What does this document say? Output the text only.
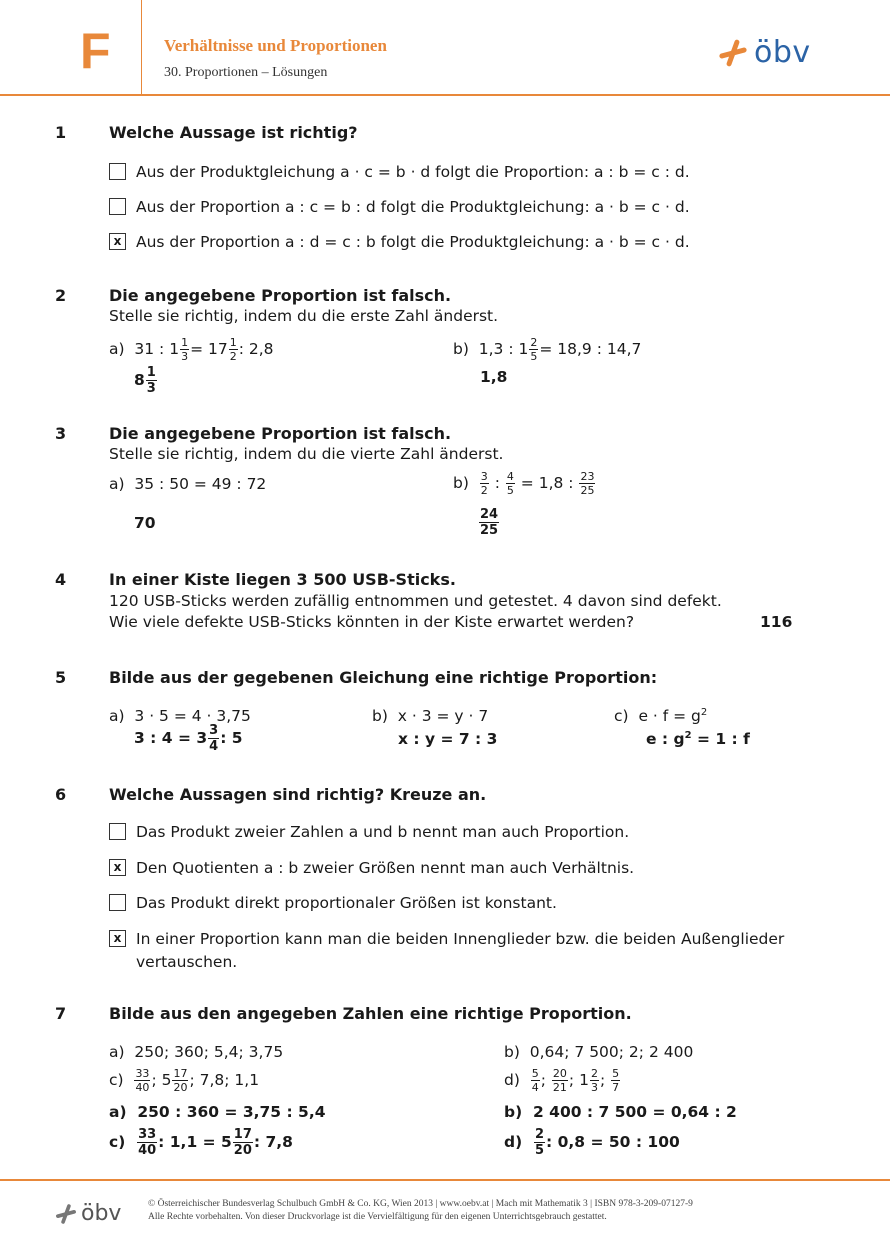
F	Verhältnisse und Proportionen
30. Proportionen – Lösungen
öbv
1	Welche Aussage ist richtig?
Aus der Produktgleichung a · c = b · d folgt die Proportion: a : b = c : d.
Aus der Proportion a : c = b : d folgt die Produktgleichung: a · b = c · d.
x Aus der Proportion a : d = c : b folgt die Produktgleichung: a · b = c · d.
2	Die angegebene Proportion ist falsch.
Stelle sie richtig, indem du die erste Zahl änderst.
a) 31 : $1 \frac{1}{3} = 17 \frac{1}{2}$ : 2,8
$8 \frac{1}{3}$
b) 1,3 : $1 \frac{2}{5} = 18,9$ : 14,7
1,8
3	Die angegebene Proportion ist falsch.
Stelle sie richtig, indem du die vierte Zahl änderst.
a) 35 : 50 = 49 : 72
70
$b) \frac{3}{2}$ : $\frac{4}{5} = 1,8$ : $\frac{23}{25}$
$\frac{24}{25}$
4	In einer Kiste liegen 3 500 USB-Sticks.
120 USB-Sticks werden zufällig entnommen und getestet. 4 davon sind defekt.
Wie viele defekte USB-Sticks könnten in der Kiste erwartet werden?	116
5	Bilde aus der gegebenen Gleichung eine richtige Proportion:
a) 3 · 5 = 4 · 3,75
3 : $4 = 3 \frac{3}{4}$ : 5
b) x · 3 = y · 7
x : y = 7 : 3
c) $e \cdot f = g^2$
e : $g^2 = 1$ : f
6	Welche Aussagen sind richtig? Kreuze an.
Das Produkt zweier Zahlen a und b nennt man auch Proportion.
x Den Quotienten a : b zweier Größen nennt man auch Verhältnis.
Das Produkt direkt proportionaler Größen ist konstant.
x In einer Proportion kann man die beiden Innenglieder bzw. die beiden Außenglieder
vertauschen.
7	Bilde aus den angegeben Zahlen eine richtige Proportion.
a) 250; 360; 5,4; 3,75	b) 0,64; 7 500; 2; 2 400
$c) \frac{33}{40}$ ; $5 \frac{17}{20}$ ; 7,8; 1,1	$d) \frac{5}{4}$ ; $\frac{20}{21}$ ; $1 \frac{2}{3}$ ; $\frac{5}{7}$
a) 250 : 360 = 3,75 : 5,4	b) 2 400 : 7 500 = 0,64 : 2
$c) \frac{33}{40}$ : $1,1 = 5 \frac{17}{20}$ : 7,8	$d) \frac{2}{5}$ : 0,8 = 50 : 100
öbv	© Österreichischer Bundesverlag Schulbuch GmbH & Co. KG, Wien 2013 | www.oebv.at | Mach mit Mathematik 3 | ISBN 978-3-209-07127-9
Alle Rechte vorbehalten. Von dieser Druckvorlage ist die Vervielfältigung für den eigenen Unterrichtsgebrauch gestattet.
